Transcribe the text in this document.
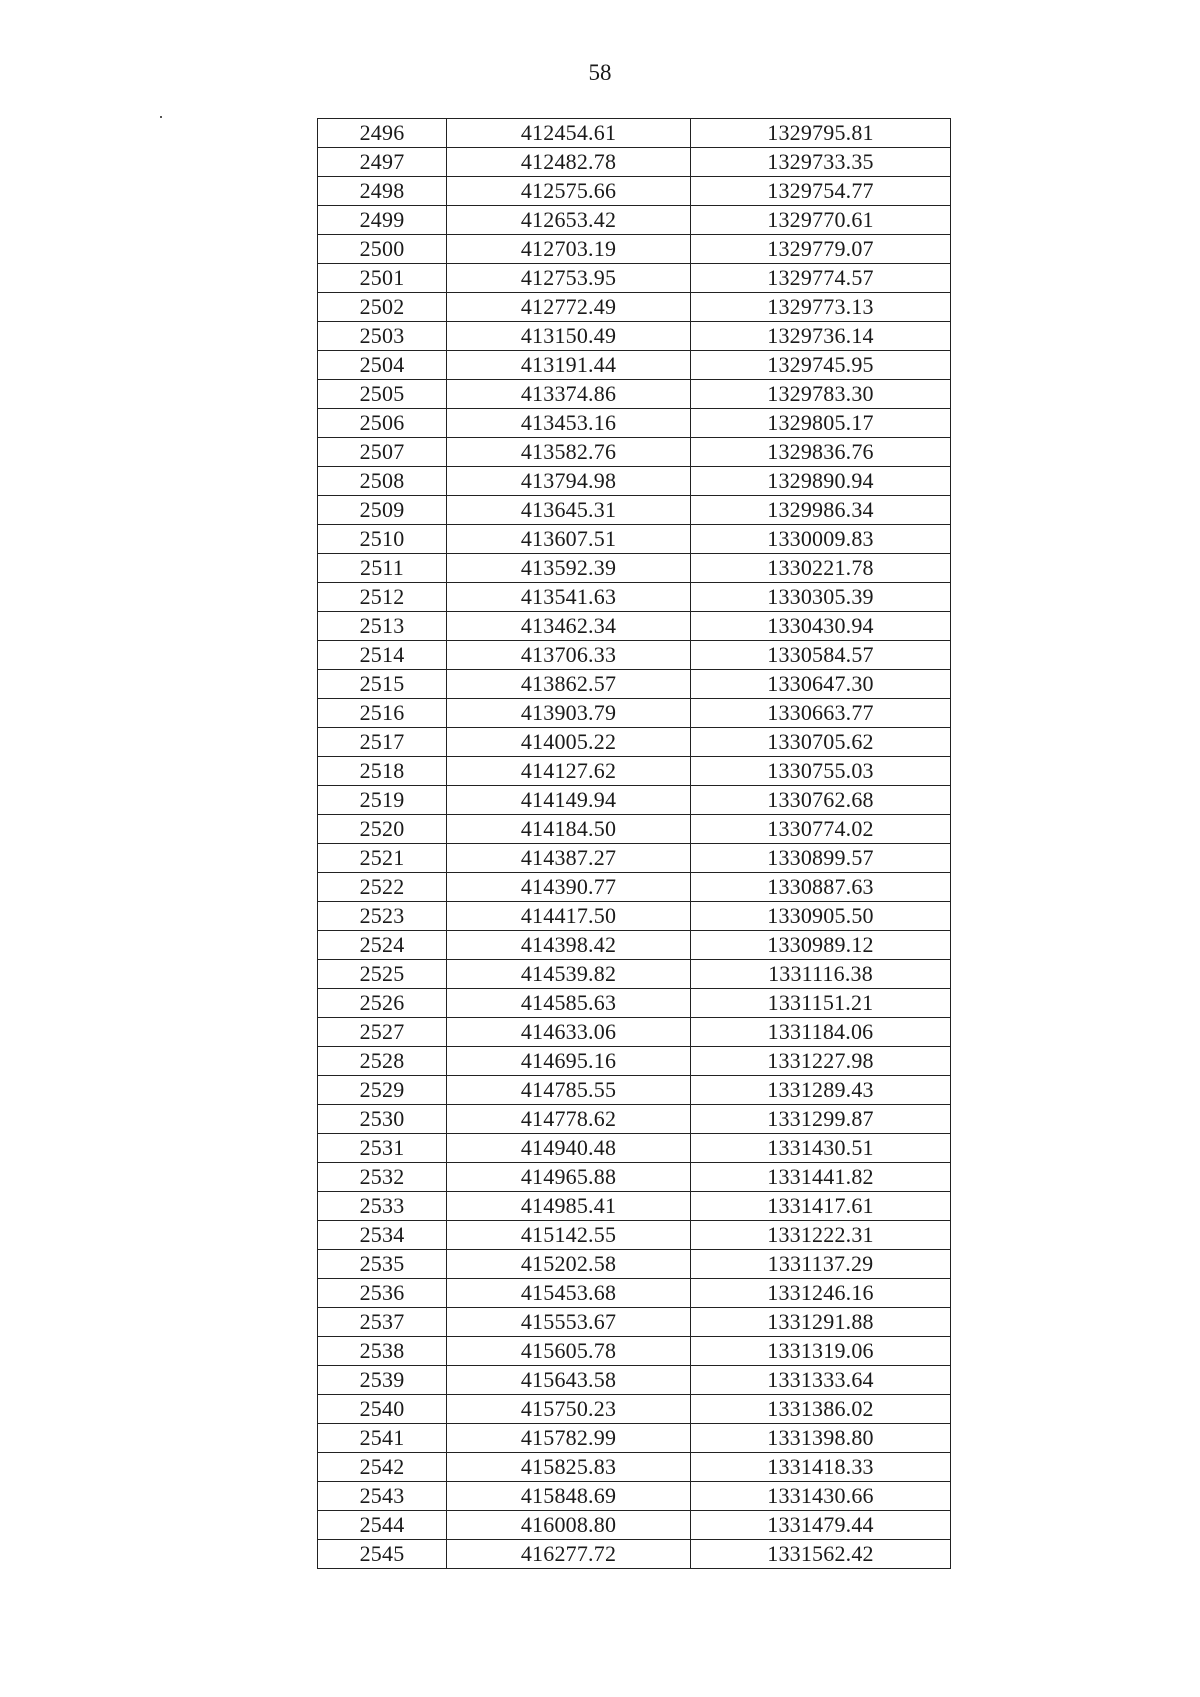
58
2496	412454.61	1329795.81
2497	412482.78	1329733.35
2498	412575.66	1329754.77
2499	412653.42	1329770.61
2500	412703.19	1329779.07
2501	412753.95	1329774.57
2502	412772.49	1329773.13
2503	413150.49	1329736.14
2504	413191.44	1329745.95
2505	413374.86	1329783.30
2506	413453.16	1329805.17
2507	413582.76	1329836.76
2508	413794.98	1329890.94
2509	413645.31	1329986.34
2510	413607.51	1330009.83
2511	413592.39	1330221.78
2512	413541.63	1330305.39
2513	413462.34	1330430.94
2514	413706.33	1330584.57
2515	413862.57	1330647.30
2516	413903.79	1330663.77
2517	414005.22	1330705.62
2518	414127.62	1330755.03
2519	414149.94	1330762.68
2520	414184.50	1330774.02
2521	414387.27	1330899.57
2522	414390.77	1330887.63
2523	414417.50	1330905.50
2524	414398.42	1330989.12
2525	414539.82	1331116.38
2526	414585.63	1331151.21
2527	414633.06	1331184.06
2528	414695.16	1331227.98
2529	414785.55	1331289.43
2530	414778.62	1331299.87
2531	414940.48	1331430.51
2532	414965.88	1331441.82
2533	414985.41	1331417.61
2534	415142.55	1331222.31
2535	415202.58	1331137.29
2536	415453.68	1331246.16
2537	415553.67	1331291.88
2538	415605.78	1331319.06
2539	415643.58	1331333.64
2540	415750.23	1331386.02
2541	415782.99	1331398.80
2542	415825.83	1331418.33
2543	415848.69	1331430.66
2544	416008.80	1331479.44
2545	416277.72	1331562.42
